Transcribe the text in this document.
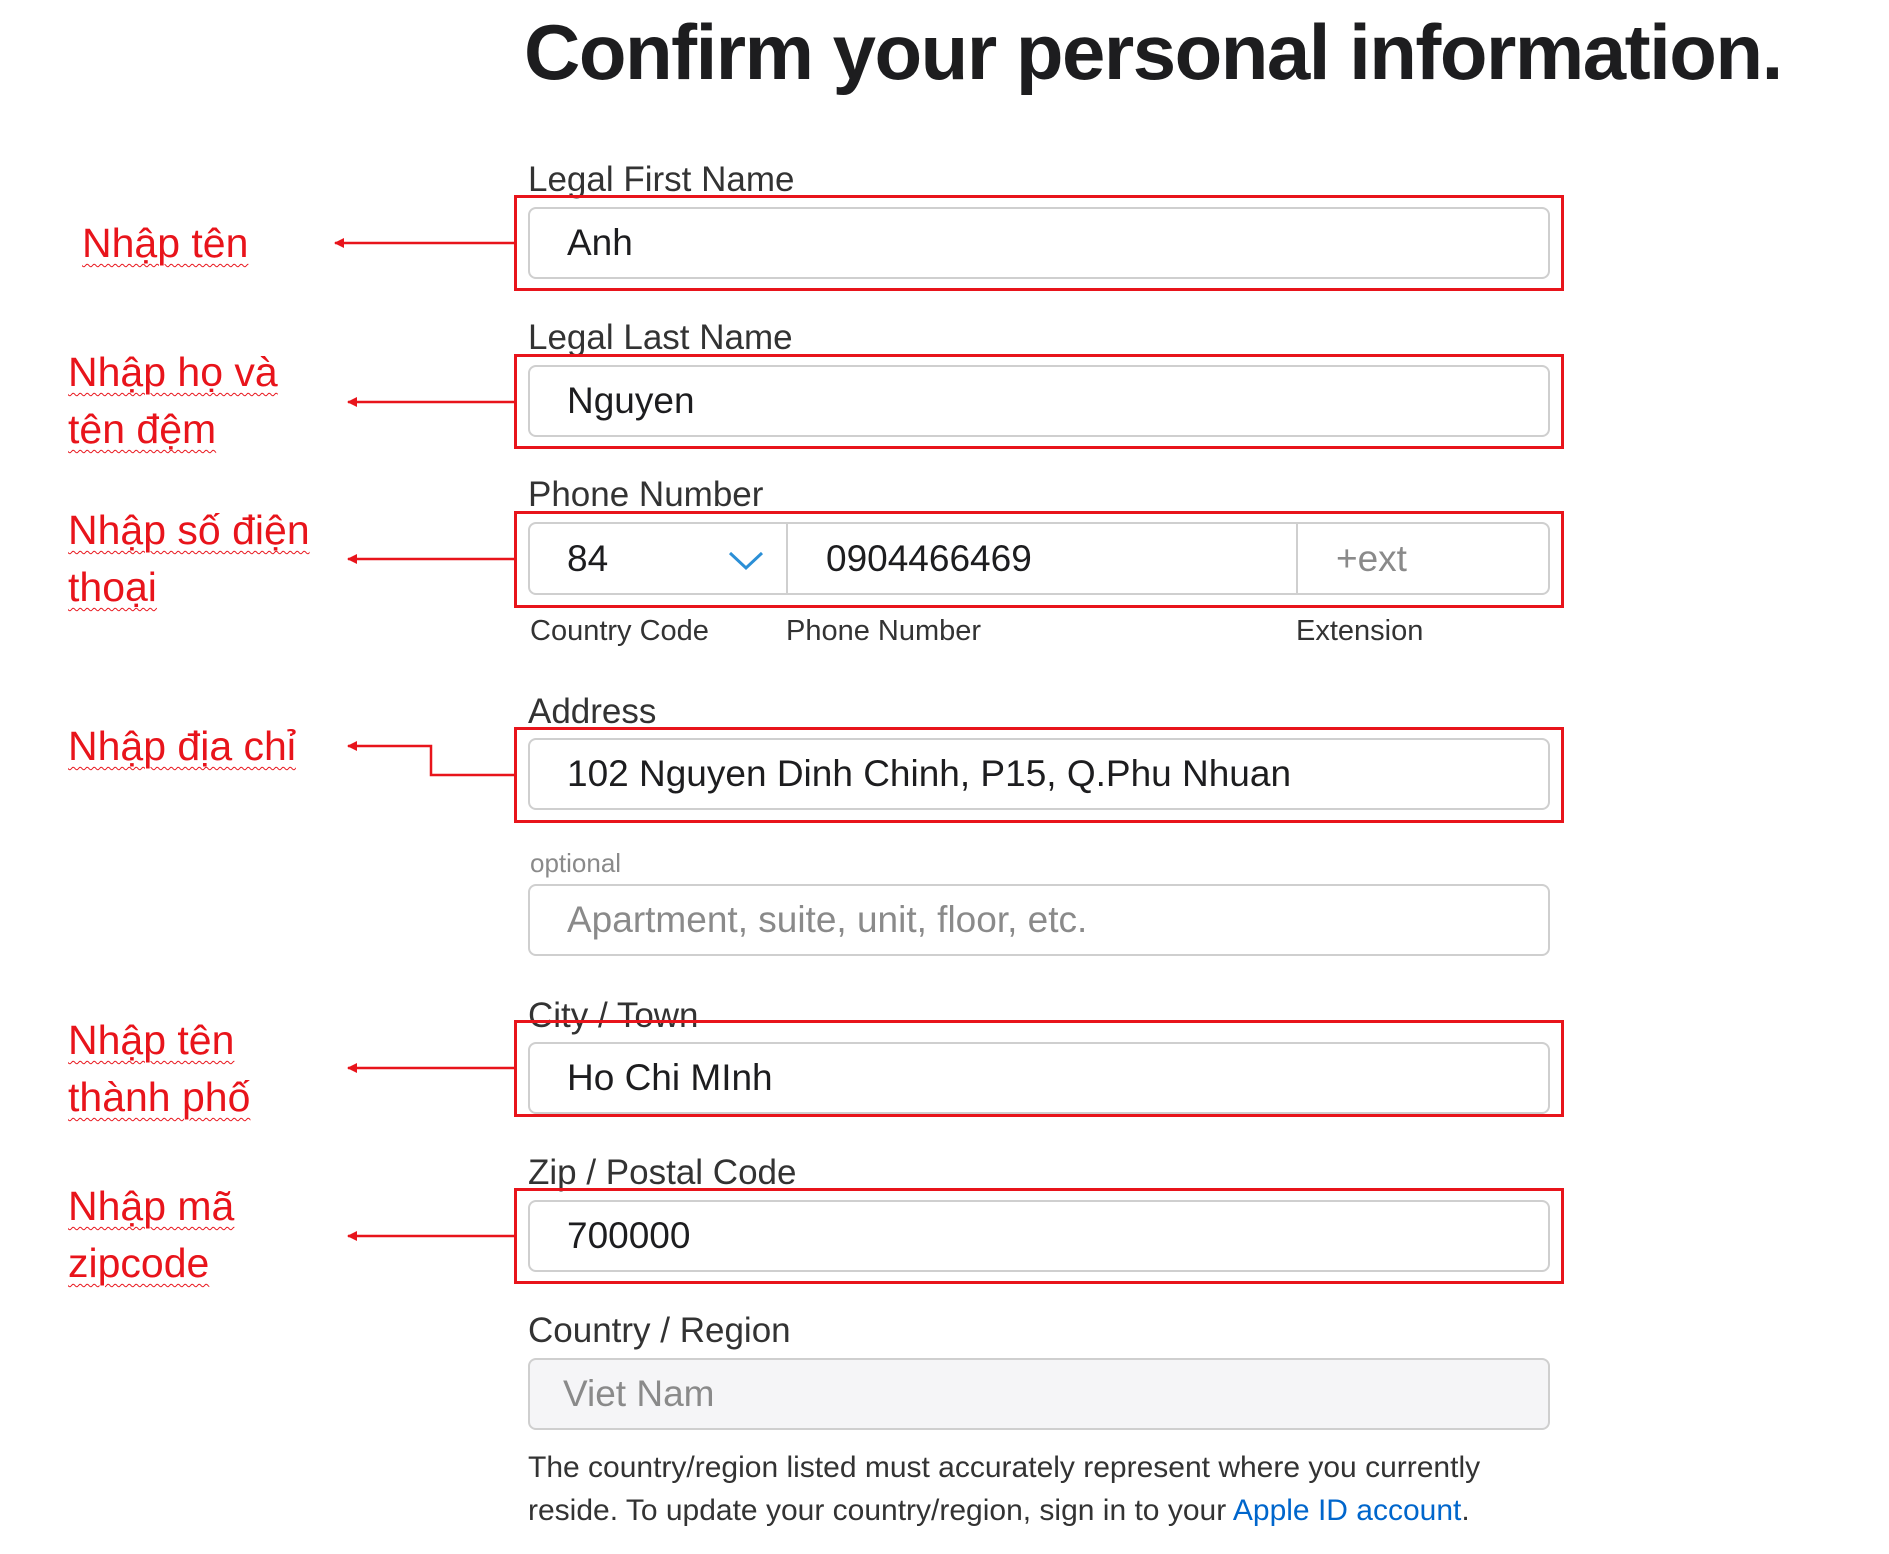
Confirm your personal information.
Nhập tên
Nhập họ và
tên đệm
Nhập số điện
thoại
Nhập địa chỉ
Nhập tên
thành phố
Nhập mã
zipcode
Legal First Name
Anh
Legal Last Name
Nguyen
Phone Number
84	0904466469	+ext
Country Code	Phone Number	Extension
Address
102 Nguyen Dinh Chinh, P15, Q.Phu Nhuan
optional
Apartment, suite, unit, floor, etc.
City / Town
Ho Chi MInh
Zip / Postal Code
700000
Country / Region
Viet Nam
The country/region listed must accurately represent where you currently reside. To update your country/region, sign in to your Apple ID account.
